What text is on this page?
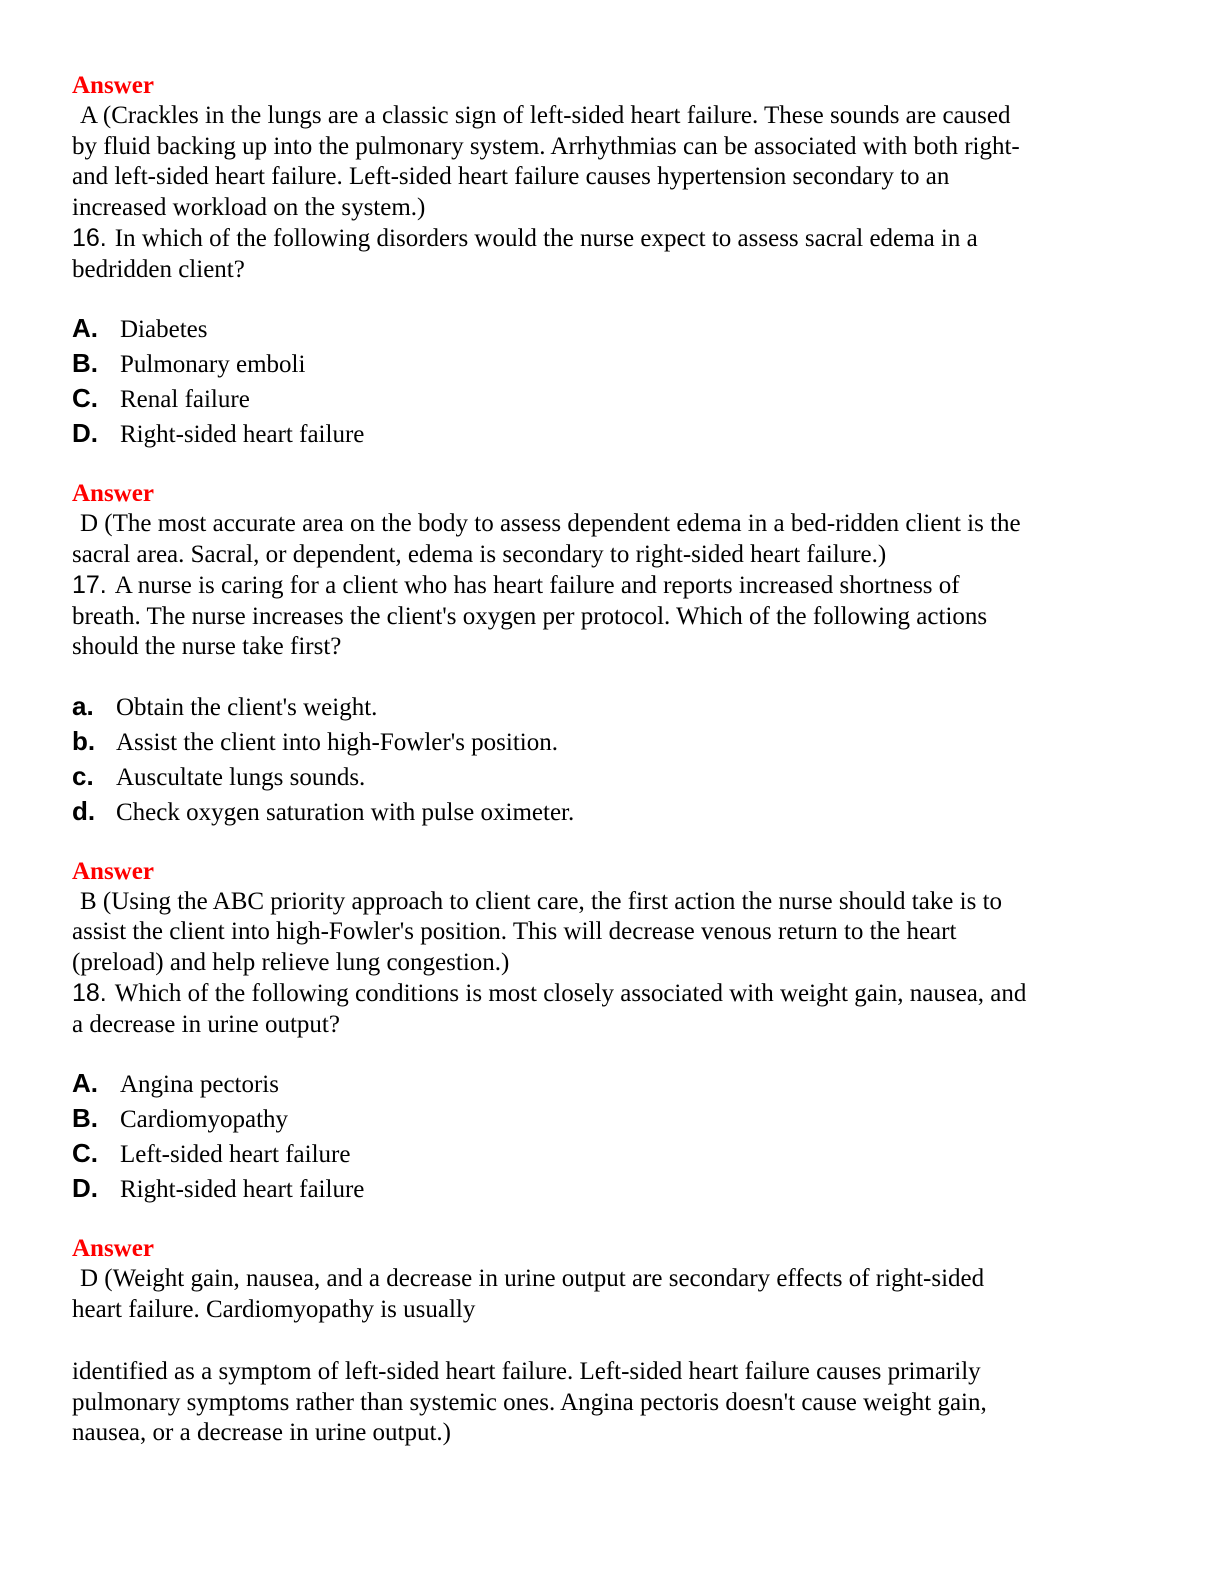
Answer
A (Crackles in the lungs are a classic sign of left-sided heart failure. These sounds are caused
by fluid backing up into the pulmonary system. Arrhythmias can be associated with both right-
and left-sided heart failure. Left-sided heart failure causes hypertension secondary to an
increased workload on the system.)
16. In which of the following disorders would the nurse expect to assess sacral edema in a
bedridden client?
A. Diabetes
B. Pulmonary emboli
C. Renal failure
D. Right-sided heart failure
Answer
D (The most accurate area on the body to assess dependent edema in a bed-ridden client is the
sacral area. Sacral, or dependent, edema is secondary to right-sided heart failure.)
17. A nurse is caring for a client who has heart failure and reports increased shortness of
breath. The nurse increases the client's oxygen per protocol. Which of the following actions
should the nurse take first?
a. Obtain the client's weight.
b. Assist the client into high-Fowler's position.
c. Auscultate lungs sounds.
d. Check oxygen saturation with pulse oximeter.
Answer
B (Using the ABC priority approach to client care, the first action the nurse should take is to
assist the client into high-Fowler's position. This will decrease venous return to the heart
(preload) and help relieve lung congestion.)
18. Which of the following conditions is most closely associated with weight gain, nausea, and
a decrease in urine output?
A. Angina pectoris
B. Cardiomyopathy
C. Left-sided heart failure
D. Right-sided heart failure
Answer
D (Weight gain, nausea, and a decrease in urine output are secondary effects of right-sided
heart failure. Cardiomyopathy is usually
identified as a symptom of left-sided heart failure. Left-sided heart failure causes primarily
pulmonary symptoms rather than systemic ones. Angina pectoris doesn't cause weight gain,
nausea, or a decrease in urine output.)
